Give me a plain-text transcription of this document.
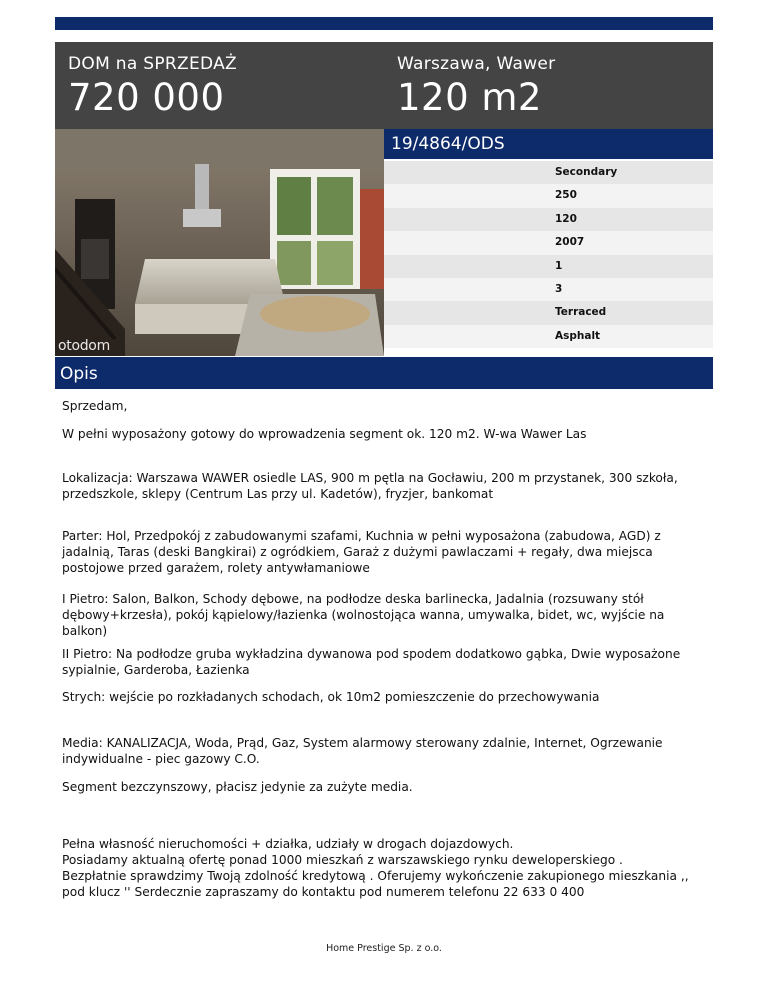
DOM na SPRZEDAŻ
720 000
Warszawa, Wawer
120 m2
otodom
19/4864/ODS
Secondary
250
120
2007
1
3
Terraced
Asphalt
Opis

Sprzedam,

W pełni wyposażony gotowy do wprowadzenia segment ok. 120 m2. W-wa Wawer Las

Lokalizacja: Warszawa WAWER osiedle LAS, 900 m pętla na Gocławiu, 200 m przystanek, 300 szkoła, przedszkole, sklepy (Centrum Las przy ul. Kadetów), fryzjer, bankomat

Parter: Hol, Przedpokój z zabudowanymi szafami, Kuchnia w pełni wyposażona (zabudowa, AGD) z jadalnią, Taras (deski Bangkirai) z ogródkiem, Garaż z dużymi pawlaczami + regały, dwa miejsca postojowe przed garażem, rolety antywłamaniowe

I Pietro: Salon, Balkon, Schody dębowe, na podłodze deska barlinecka, Jadalnia (rozsuwany stół dębowy+krzesła), pokój kąpielowy/łazienka (wolnostojąca wanna, umywalka, bidet, wc, wyjście na balkon)

II Pietro: Na podłodze gruba wykładzina dywanowa pod spodem dodatkowo gąbka, Dwie wyposażone sypialnie, Garderoba, Łazienka

Strych: wejście po rozkładanych schodach, ok 10m2 pomieszczenie do przechowywania

Media: KANALIZACJA, Woda, Prąd, Gaz, System alarmowy sterowany zdalnie, Internet, Ogrzewanie indywidualne - piec gazowy C.O.

Segment bezczynszowy, płacisz jedynie za zużyte media.

Pełna własność nieruchomości + działka, udziały w drogach dojazdowych.
Posiadamy aktualną ofertę ponad 1000 mieszkań z warszawskiego rynku deweloperskiego .
Bezpłatnie sprawdzimy Twoją zdolność kredytową . Oferujemy wykończenie zakupionego mieszkania ,, pod klucz '' Serdecznie zapraszamy do kontaktu pod numerem telefonu 22 633 0 400

Home Prestige Sp. z o.o.
